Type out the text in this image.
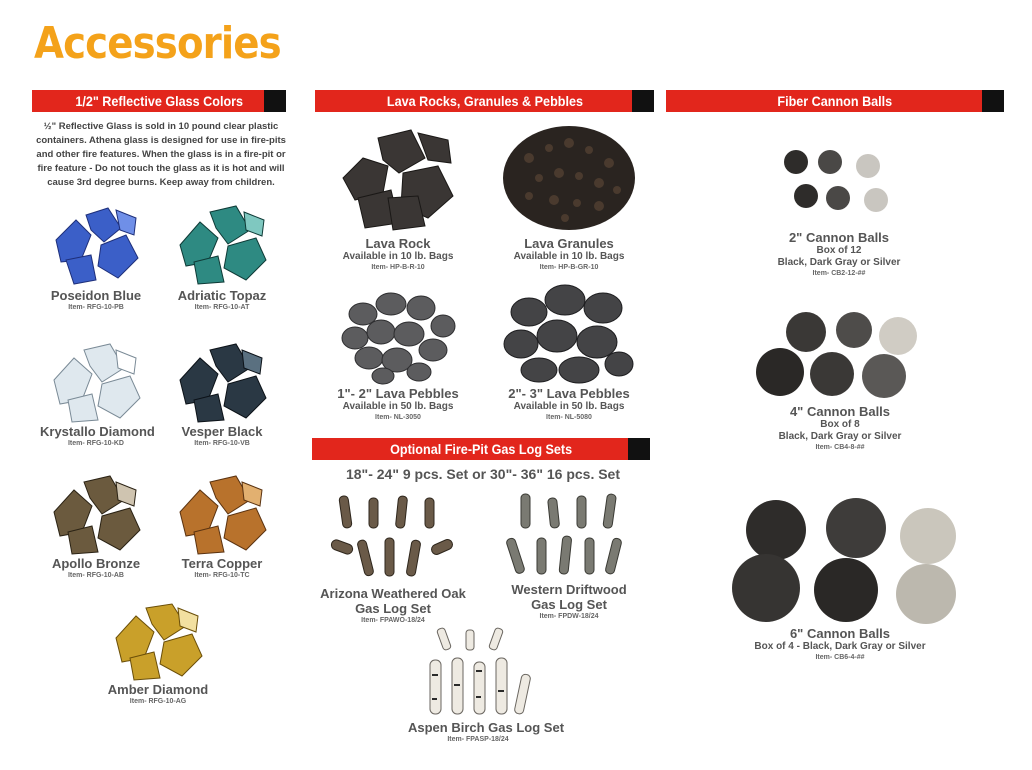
Accessories
1/2" Reflective Glass Colors	Lava Rocks, Granules & Pebbles	Fiber Cannon Balls
Optional Fire-Pit Gas Log Sets
½" Reflective Glass is sold in 10 pound clear plastic containers. Athena glass is designed for use in fire-pits and other fire features. When the glass is in a fire-pit or fire feature - Do not touch the glass as it is hot and will cause 3rd degree burns. Keep away from children.
Poseidon Blue
Item- RFG-10-PB
Adriatic Topaz
Item- RFG-10-AT
Krystallo Diamond
Item- RFG-10-KD
Vesper Black
Item- RFG-10-VB
Apollo Bronze
Item- RFG-10-AB
Terra Copper
Item- RFG-10-TC
Amber Diamond
Item- RFG-10-AG
Lava Rock
Available in 10 lb. Bags
Item- HP-B-R-10
Lava Granules
Available in 10 lb. Bags
Item- HP-B-GR-10
1"- 2" Lava Pebbles
Available in 50 lb. Bags
Item- NL-3050
2"- 3" Lava Pebbles
Available in 50 lb. Bags
Item- NL-5080
18"- 24" 9 pcs. Set or 30"- 36" 16 pcs. Set
Arizona Weathered Oak
Gas Log Set
Item- FPAWO-18/24
Western Driftwood
Gas Log Set
Item- FPDW-18/24
Aspen Birch Gas Log Set
Item- FPASP-18/24
2" Cannon Balls
Box of 12
Black, Dark Gray or Silver
Item- CB2-12-##
4" Cannon Balls
Box of 8
Black, Dark Gray or Silver
Item- CB4-8-##
6" Cannon Balls
Box of 4 - Black, Dark Gray or Silver
Item- CB6-4-##
